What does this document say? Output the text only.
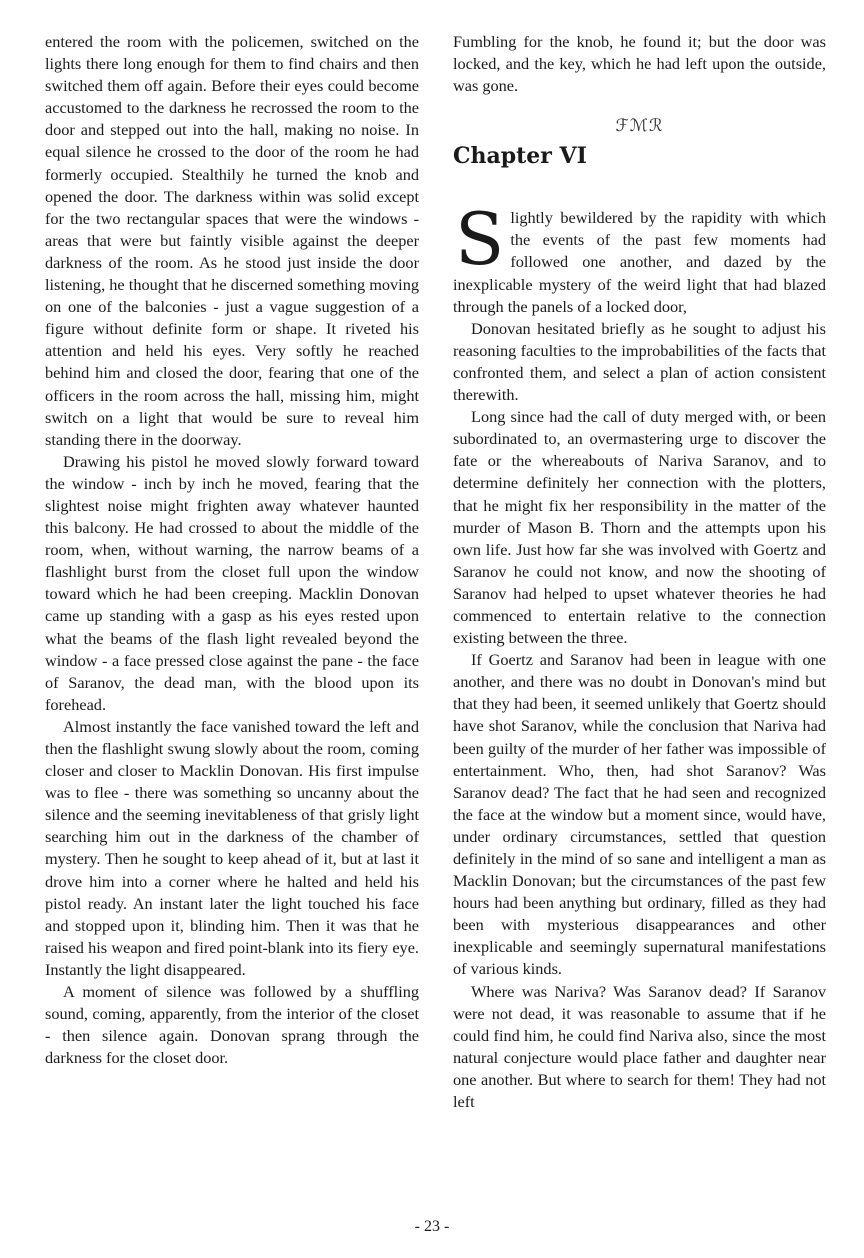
entered the room with the policemen, switched on the lights there long enough for them to find chairs and then switched them off again. Before their eyes could become accustomed to the darkness he recrossed the room to the door and stepped out into the hall, making no noise. In equal silence he crossed to the door of the room he had formerly occupied. Stealthily he turned the knob and opened the door. The darkness within was solid except for the two rectangular spaces that were the windows - areas that were but faintly visible against the deeper darkness of the room. As he stood just inside the door listening, he thought that he discerned something moving on one of the balconies - just a vague suggestion of a figure without definite form or shape. It riveted his attention and held his eyes. Very softly he reached behind him and closed the door, fearing that one of the officers in the room across the hall, missing him, might switch on a light that would be sure to reveal him standing there in the doorway.

Drawing his pistol he moved slowly forward toward the window - inch by inch he moved, fearing that the slightest noise might frighten away whatever haunted this balcony. He had crossed to about the middle of the room, when, without warning, the narrow beams of a flashlight burst from the closet full upon the window toward which he had been creeping. Macklin Donovan came up standing with a gasp as his eyes rested upon what the beams of the flash light revealed beyond the window - a face pressed close against the pane - the face of Saranov, the dead man, with the blood upon its forehead.

Almost instantly the face vanished toward the left and then the flashlight swung slowly about the room, coming closer and closer to Macklin Donovan. His first impulse was to flee - there was something so uncanny about the silence and the seeming inevitableness of that grisly light searching him out in the darkness of the chamber of mystery. Then he sought to keep ahead of it, but at last it drove him into a corner where he halted and held his pistol ready. An instant later the light touched his face and stopped upon it, blinding him. Then it was that he raised his weapon and fired point-blank into its fiery eye. Instantly the light disappeared.

A moment of silence was followed by a shuffling sound, coming, apparently, from the interior of the closet - then silence again. Donovan sprang through the darkness for the closet door.

Fumbling for the knob, he found it; but the door was locked, and the key, which he had left upon the outside, was gone.

ℱℳℛ
Chapter VI

Slightly bewildered by the rapidity with which the events of the past few moments had followed one another, and dazed by the inexplicable mystery of the weird light that had blazed through the panels of a locked door,

Donovan hesitated briefly as he sought to adjust his reasoning faculties to the improbabilities of the facts that confronted them, and select a plan of action consistent therewith.

Long since had the call of duty merged with, or been subordinated to, an overmastering urge to discover the fate or the whereabouts of Nariva Saranov, and to determine definitely her connection with the plotters, that he might fix her responsibility in the matter of the murder of Mason B. Thorn and the attempts upon his own life. Just how far she was involved with Goertz and Saranov he could not know, and now the shooting of Saranov had helped to upset whatever theories he had commenced to entertain relative to the connection existing between the three.

If Goertz and Saranov had been in league with one another, and there was no doubt in Donovan's mind but that they had been, it seemed unlikely that Goertz should have shot Saranov, while the conclusion that Nariva had been guilty of the murder of her father was impossible of entertainment. Who, then, had shot Saranov? Was Saranov dead? The fact that he had seen and recognized the face at the window but a moment since, would have, under ordinary circumstances, settled that question definitely in the mind of so sane and intelligent a man as Macklin Donovan; but the circumstances of the past few hours had been anything but ordinary, filled as they had been with mysterious disappearances and other inexplicable and seemingly supernatural manifestations of various kinds.

Where was Nariva? Was Saranov dead? If Saranov were not dead, it was reasonable to assume that if he could find him, he could find Nariva also, since the most natural conjecture would place father and daughter near one another. But where to search for them! They had not left

- 23 -
